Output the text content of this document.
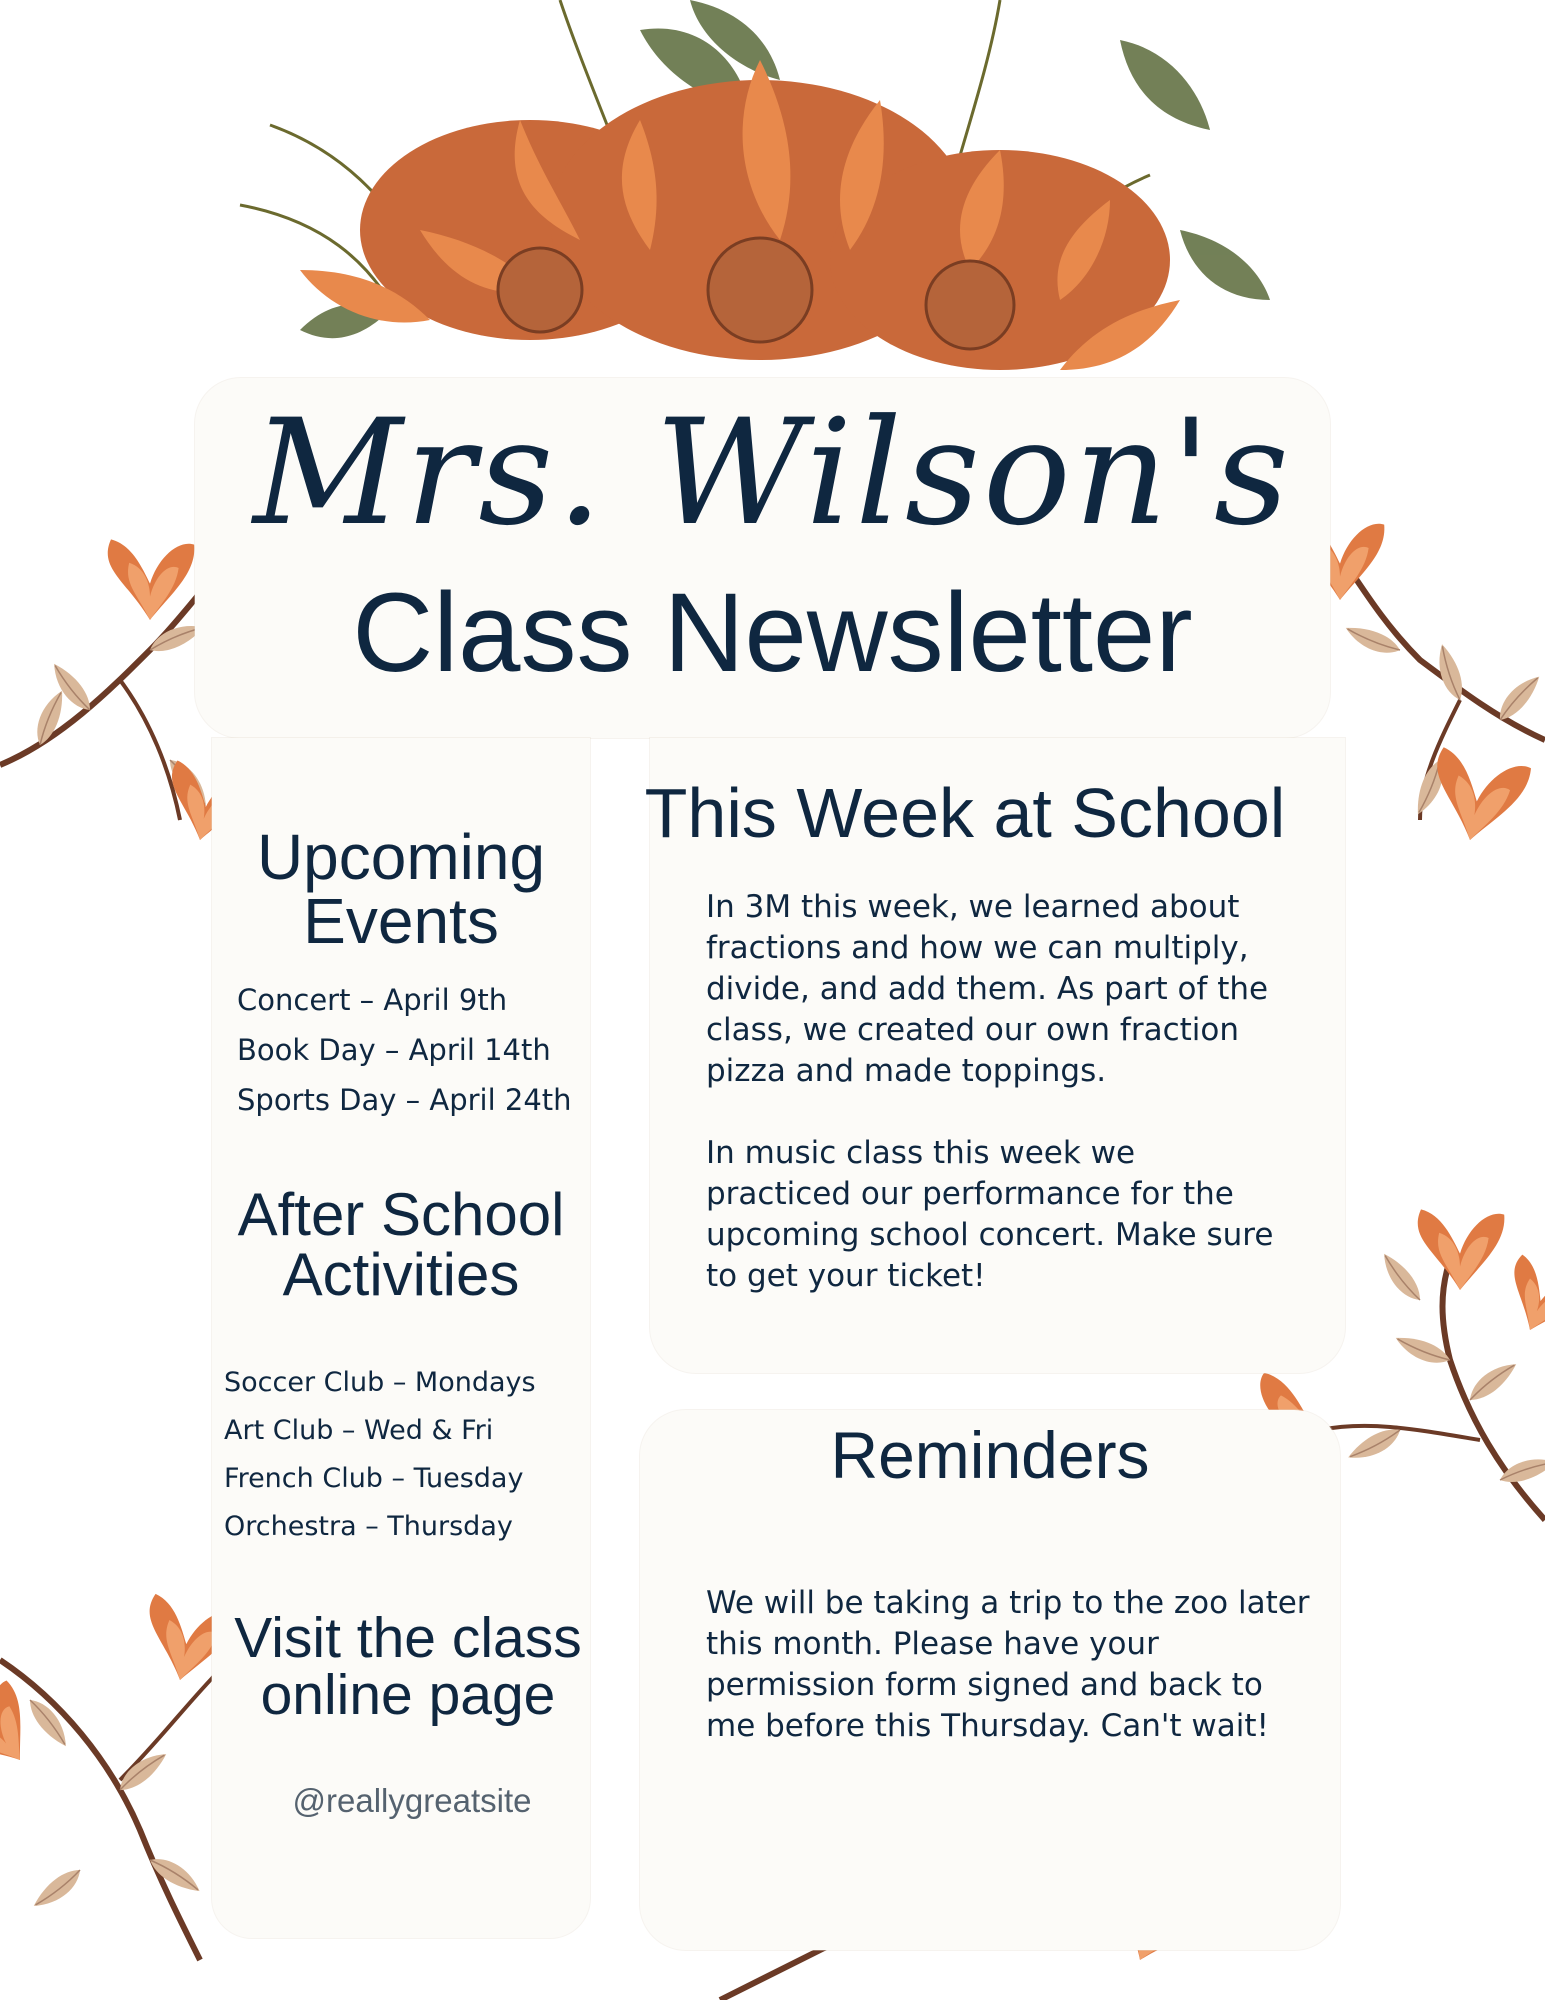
Mrs. Wilson's
Class Newsletter
Upcoming
Events
Concert – April 9th
Book Day – April 14th
Sports Day – April 24th
After School
Activities
Soccer Club – Mondays
Art Club – Wed & Fri
French Club – Tuesday
Orchestra – Thursday
Visit the class
online page
@reallygreatsite
This Week at School
In 3M this week, we learned about
fractions and how we can multiply,
divide, and add them. As part of the
class, we created our own fraction
pizza and made toppings.
In music class this week we
practiced our performance for the
upcoming school concert. Make sure
to get your ticket!
Reminders
We will be taking a trip to the zoo later
this month. Please have your
permission form signed and back to
me before this Thursday. Can't wait!
